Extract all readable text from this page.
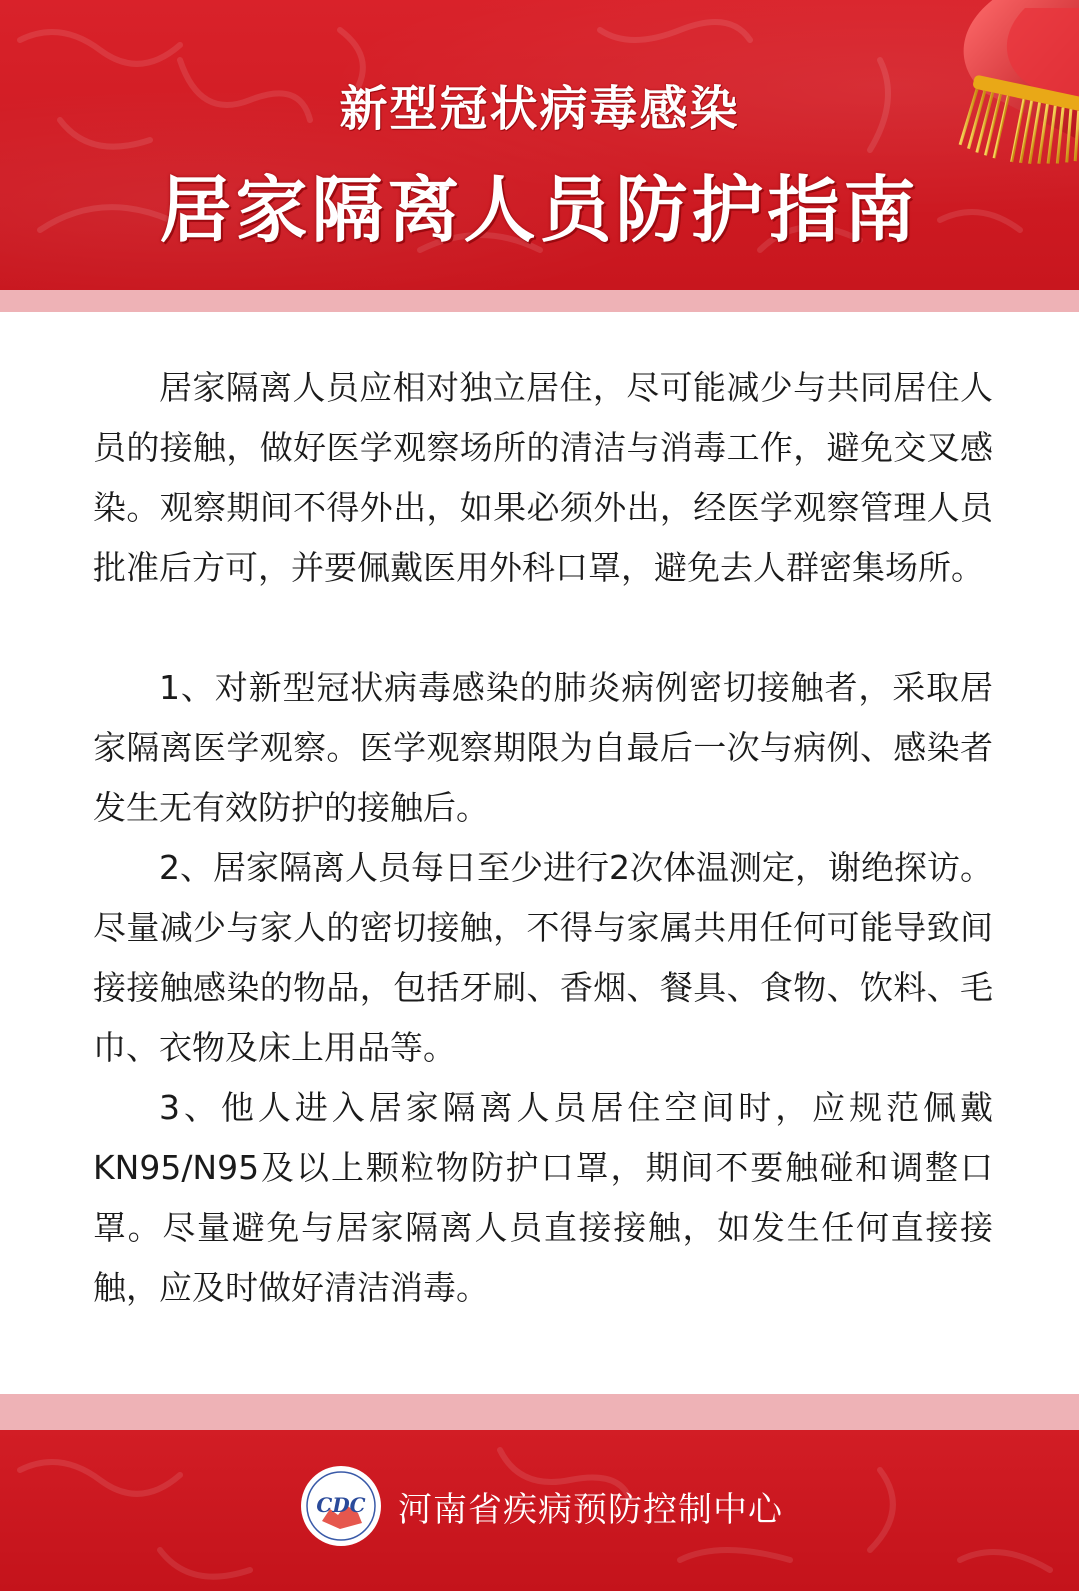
新型冠状病毒感染
居家隔离人员防护指南

居家隔离人员应相对独立居住，尽可能减少与共同居住人员的接触，做好医学观察场所的清洁与消毒工作，避免交叉感染。观察期间不得外出，如果必须外出，经医学观察管理人员批准后方可，并要佩戴医用外科口罩，避免去人群密集场所。

1、对新型冠状病毒感染的肺炎病例密切接触者，采取居家隔离医学观察。医学观察期限为自最后一次与病例、感染者发生无有效防护的接触后。

2、居家隔离人员每日至少进行2次体温测定，谢绝探访。尽量减少与家人的密切接触，不得与家属共用任何可能导致间接接触感染的物品，包括牙刷、香烟、餐具、食物、饮料、毛巾、衣物及床上用品等。

3、他人进入居家隔离人员居住空间时，应规范佩戴KN95/N95及以上颗粒物防护口罩，期间不要触碰和调整口罩。尽量避免与居家隔离人员直接接触，如发生任何直接接触，应及时做好清洁消毒。

CDC 河南省疾病预防控制中心
